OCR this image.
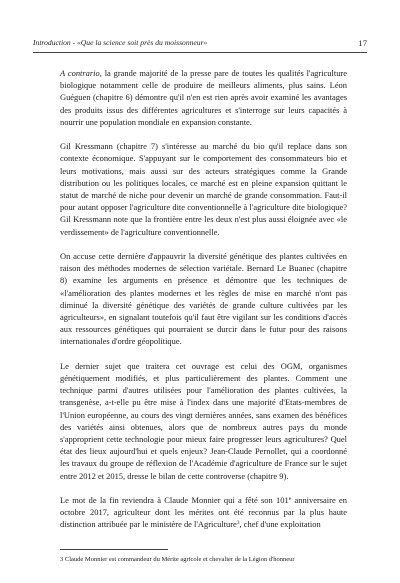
Introduction - «Que la science soit près du moissonneur»	17

A contrario, la grande majorité de la presse pare de toutes les qualités l'agriculture biologique notamment celle de produire de meilleurs aliments, plus sains. Léon Guéguen (chapitre 6) démontre qu'il n'en est rien après avoir examiné les avantages des produits issus des différentes agricultures et s'interroge sur leurs capacités à nourrir une population mondiale en expansion constante.

Gil Kressmann (chapitre 7) s'intéresse au marché du bio qu'il replace dans son contexte économique. S'appuyant sur le comportement des consommateurs bio et leurs motivations, mais aussi sur des acteurs stratégiques comme la Grande distribution ou les politiques locales, ce marché est en pleine expansion quittant le statut de marché de niche pour devenir un marché de grande consommation. Faut-il pour autant opposer l'agriculture dite conventionnelle à l'agriculture dite biologique? Gil Kressmann note que la frontière entre les deux n'est plus aussi éloignée avec «le verdissement» de l'agriculture conventionnelle.

On accuse cette dernière d'appauvrir la diversité génétique des plantes cultivées en raison des méthodes modernes de sélection variétale. Bernard Le Buanec (chapitre 8) examine les arguments en présence et démontre que les techniques de «l'amélioration des plantes modernes et les règles de mise en marché n'ont pas diminué la diversité génétique des variétés de grande culture cultivées par les agriculteurs», en signalant toutefois qu'il faut être vigilant sur les conditions d'accès aux ressources génétiques qui pourraient se durcir dans le futur pour des raisons internationales d'ordre géopolitique.

Le dernier sujet que traitera cet ouvrage est celui des OGM, organismes génétiquement modifiés, et plus particulièrement des plantes. Comment une technique parmi d'autres utilisées pour l'amélioration des plantes cultivées, la transgenèse, a-t-elle pu être mise à l'index dans une majorité d'Etats-membres de l'Union européenne, au cours des vingt dernières années, sans examen des bénéfices des variétés ainsi obtenues, alors que de nombreux autres pays du monde s'approprient cette technologie pour mieux faire progresser leurs agricultures? Quel état des lieux aujourd'hui et quels enjeux? Jean-Claude Pernollet, qui a coordonné les travaux du groupe de réflexion de l'Académie d'agriculture de France sur le sujet entre 2012 et 2015, dresse le bilan de cette controverse (chapitre 9).

Le mot de la fin reviendra à Claude Monnier qui a fêté son 101e anniversaire en octobre 2017, agriculteur dont les mérites ont été reconnus par la plus haute distinction attribuée par le ministère de l'Agriculture$^3$, chef d'une exploitation

3 Claude Monnier est commandeur du Mérite agricole et chevalier de la Légion d'honneur
